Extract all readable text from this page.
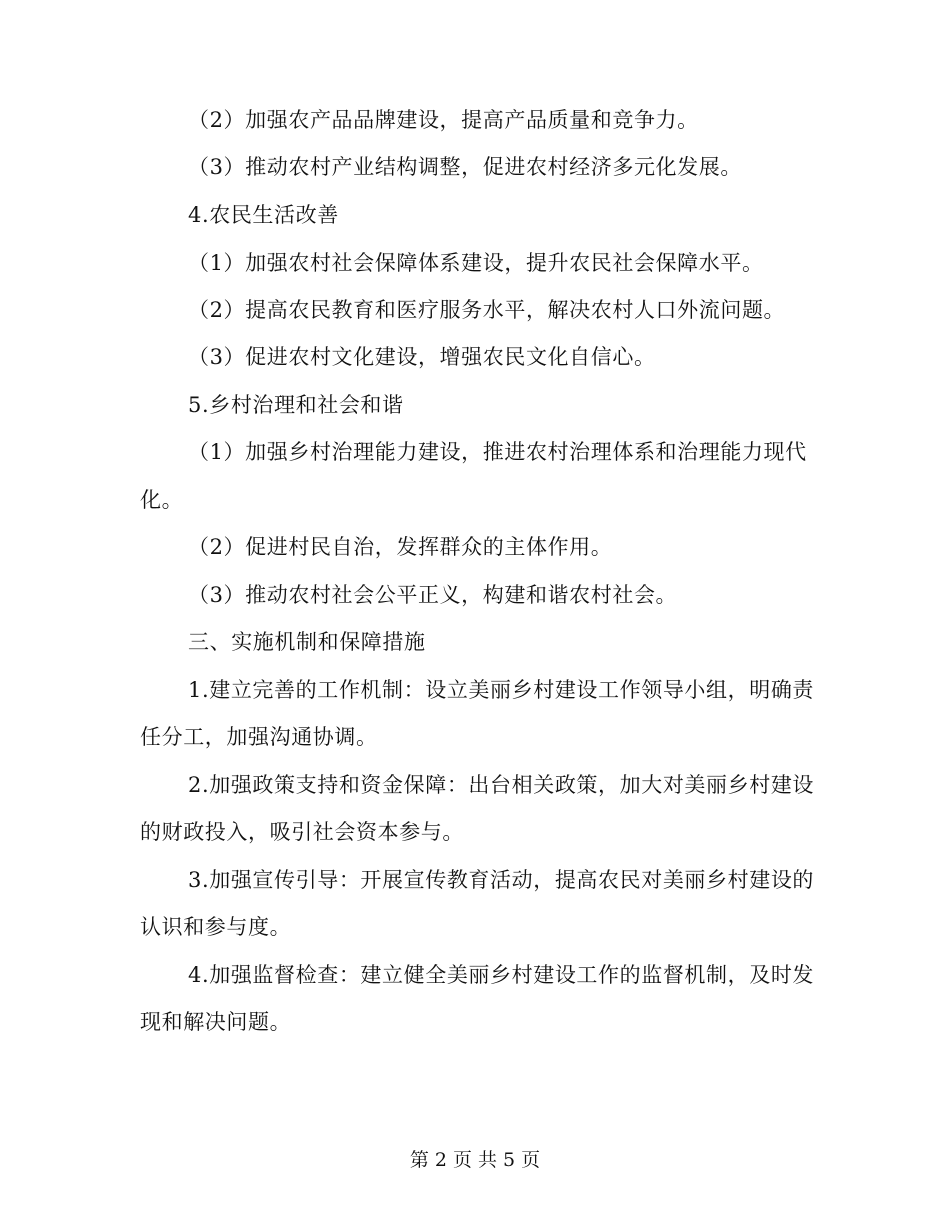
（2）加强农产品品牌建设，提高产品质量和竞争力。
（3）推动农村产业结构调整，促进农村经济多元化发展。
4.农民生活改善
（1）加强农村社会保障体系建设，提升农民社会保障水平。
（2）提高农民教育和医疗服务水平，解决农村人口外流问题。
（3）促进农村文化建设，增强农民文化自信心。
5.乡村治理和社会和谐
（1）加强乡村治理能力建设，推进农村治理体系和治理能力现代
化。
（2）促进村民自治，发挥群众的主体作用。
（3）推动农村社会公平正义，构建和谐农村社会。
三、实施机制和保障措施
1.建立完善的工作机制：设立美丽乡村建设工作领导小组，明确责
任分工，加强沟通协调。
2.加强政策支持和资金保障：出台相关政策，加大对美丽乡村建设
的财政投入，吸引社会资本参与。
3.加强宣传引导：开展宣传教育活动，提高农民对美丽乡村建设的
认识和参与度。
4.加强监督检查：建立健全美丽乡村建设工作的监督机制，及时发
现和解决问题。
第 2 页 共 5 页
